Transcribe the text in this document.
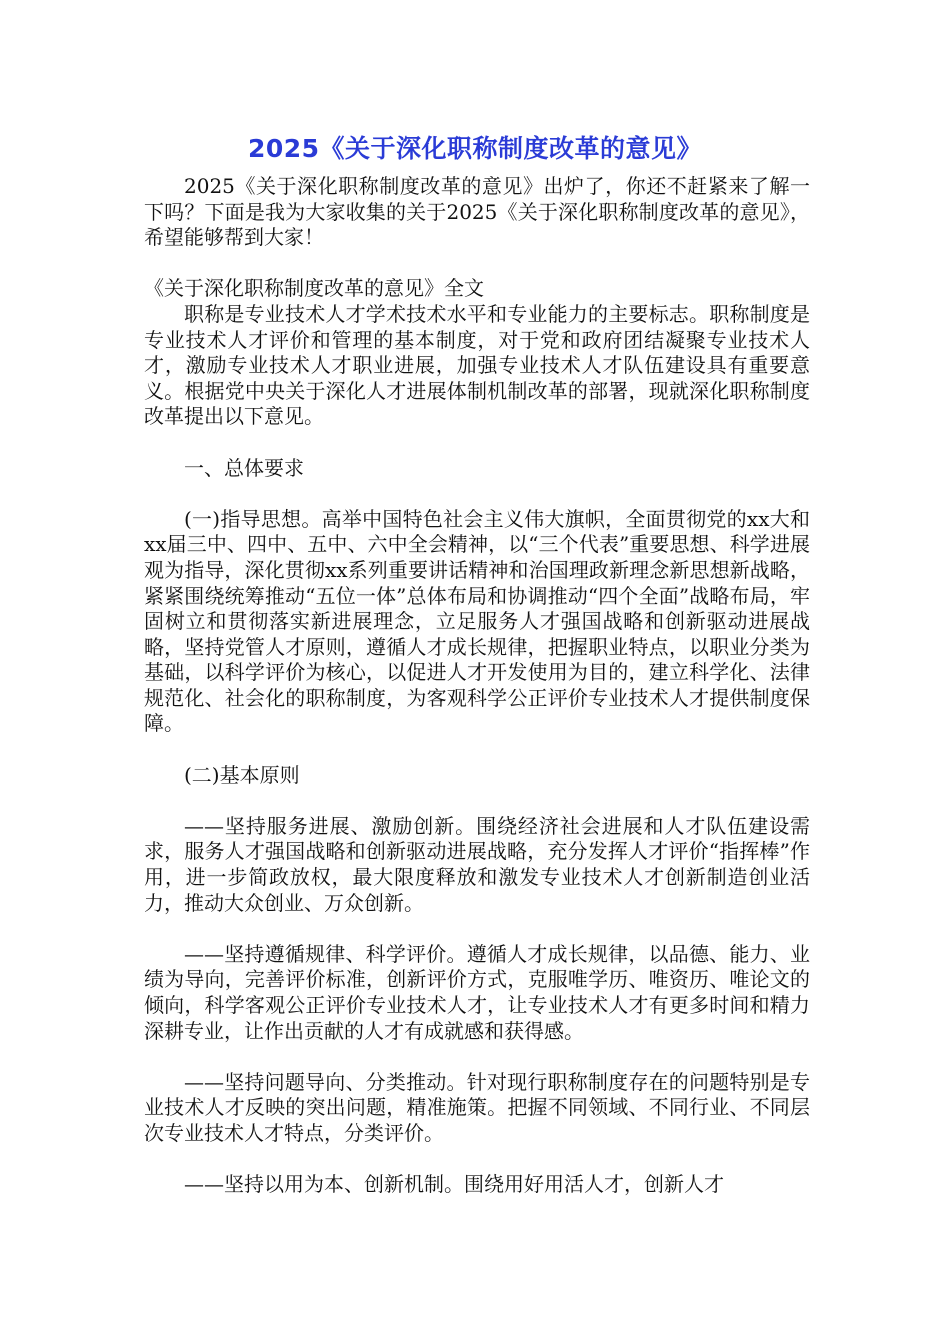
2025《关于深化职称制度改革的意见》

2025《关于深化职称制度改革的意见》出炉了，你还不赶紧来了解一下吗？下面是我为大家收集的关于2025《关于深化职称制度改革的意见》，希望能够帮到大家！

《关于深化职称制度改革的意见》全文

职称是专业技术人才学术技术水平和专业能力的主要标志。职称制度是专业技术人才评价和管理的基本制度，对于党和政府团结凝聚专业技术人才，激励专业技术人才职业进展，加强专业技术人才队伍建设具有重要意义。根据党中央关于深化人才进展体制机制改革的部署，现就深化职称制度改革提出以下意见。

一、总体要求

(一)指导思想。高举中国特色社会主义伟大旗帜，全面贯彻党的xx大和xx届三中、四中、五中、六中全会精神，以“三个代表”重要思想、科学进展观为指导，深化贯彻xx系列重要讲话精神和治国理政新理念新思想新战略，紧紧围绕统筹推动“五位一体”总体布局和协调推动“四个全面”战略布局，牢固树立和贯彻落实新进展理念，立足服务人才强国战略和创新驱动进展战略，坚持党管人才原则，遵循人才成长规律，把握职业特点，以职业分类为基础，以科学评价为核心，以促进人才开发使用为目的，建立科学化、法律规范化、社会化的职称制度，为客观科学公正评价专业技术人才提供制度保障。

(二)基本原则

——坚持服务进展、激励创新。围绕经济社会进展和人才队伍建设需求，服务人才强国战略和创新驱动进展战略，充分发挥人才评价“指挥棒”作用，进一步简政放权，最大限度释放和激发专业技术人才创新制造创业活力，推动大众创业、万众创新。

——坚持遵循规律、科学评价。遵循人才成长规律，以品德、能力、业绩为导向，完善评价标准，创新评价方式，克服唯学历、唯资历、唯论文的倾向，科学客观公正评价专业技术人才，让专业技术人才有更多时间和精力深耕专业，让作出贡献的人才有成就感和获得感。

——坚持问题导向、分类推动。针对现行职称制度存在的问题特别是专业技术人才反映的突出问题，精准施策。把握不同领域、不同行业、不同层次专业技术人才特点，分类评价。

——坚持以用为本、创新机制。围绕用好用活人才，创新人才
